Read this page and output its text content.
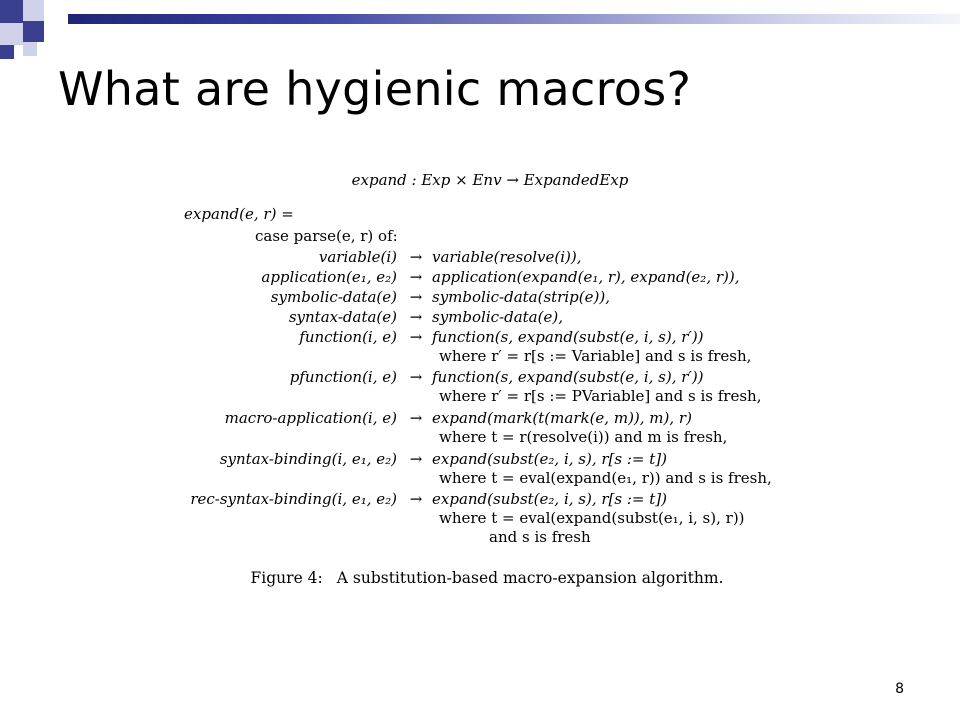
What are hygienic macros?
expand : Exp × Env → ExpandedExp
expand(e, r) =
case parse(e, r) of:
variable(i) → variable(resolve(i)),
application(e₁, e₂) → application(expand(e₁, r), expand(e₂, r)),
symbolic-data(e) → symbolic-data(strip(e)),
syntax-data(e) → symbolic-data(e),
function(i, e) → function(s, expand(subst(e, i, s), r′))
where r′ = r[s := Variable] and s is fresh,
pfunction(i, e) → function(s, expand(subst(e, i, s), r′))
where r′ = r[s := PVariable] and s is fresh,
macro-application(i, e) → expand(mark(t(mark(e, m)), m), r)
where t = r(resolve(i)) and m is fresh,
syntax-binding(i, e₁, e₂) → expand(subst(e₂, i, s), r[s := t])
where t = eval(expand(e₁, r)) and s is fresh,
rec-syntax-binding(i, e₁, e₂) → expand(subst(e₂, i, s), r[s := t])
where t = eval(expand(subst(e₁, i, s), r))
and s is fresh
Figure 4: A substitution-based macro-expansion algorithm.
8
